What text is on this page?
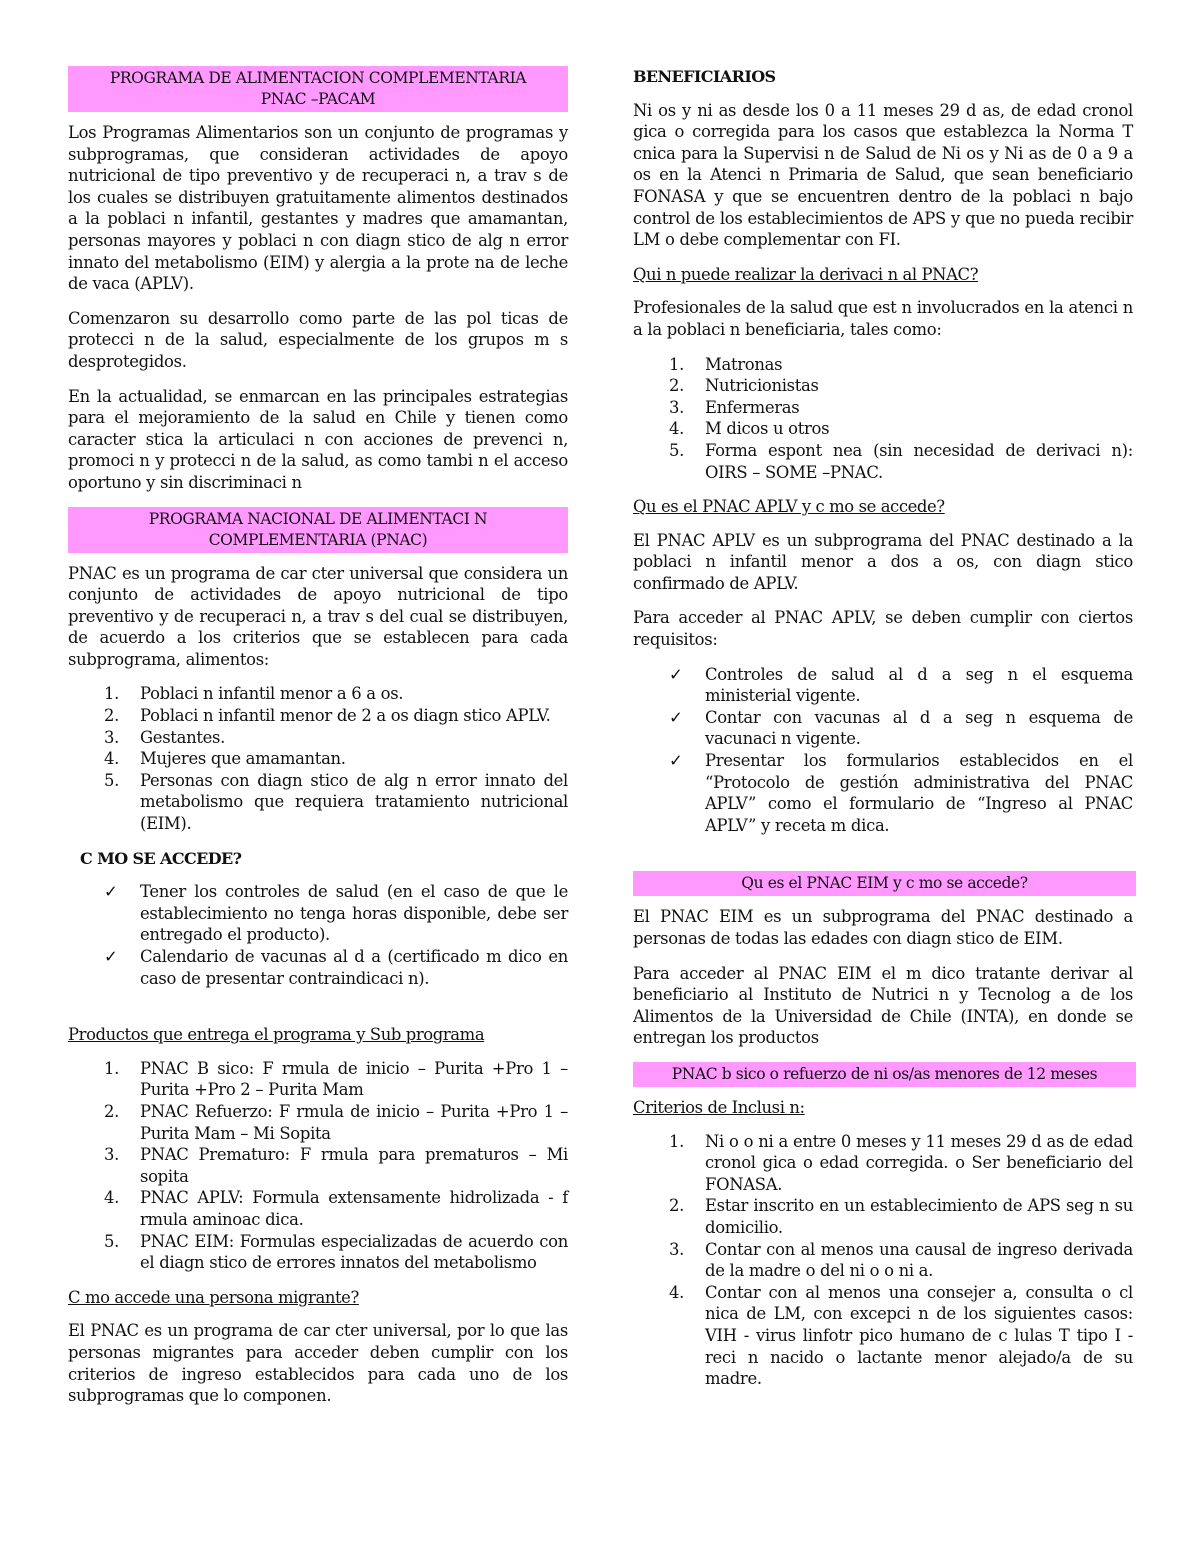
PROGRAMA DE ALIMENTACION COMPLEMENTARIA
PNAC –PACAM

Los Programas Alimentarios son un conjunto de programas y subprogramas, que consideran actividades de apoyo nutricional de tipo preventivo y de recuperaci n, a trav s de los cuales se distribuyen gratuitamente alimentos destinados a la poblaci n infantil, gestantes y madres que amamantan, personas mayores y poblaci n con diagn stico de alg n error innato del metabolismo (EIM) y alergia a la prote na de leche de vaca (APLV).

Comenzaron su desarrollo como parte de las pol ticas de protecci n de la salud, especialmente de los grupos m s desprotegidos.

En la actualidad, se enmarcan en las principales estrategias para el mejoramiento de la salud en Chile y tienen como caracter stica la articulaci n con acciones de prevenci n, promoci n y protecci n de la salud, as como tambi n el acceso oportuno y sin discriminaci n

PROGRAMA NACIONAL DE ALIMENTACI N
COMPLEMENTARIA (PNAC)

PNAC es un programa de car cter universal que considera un conjunto de actividades de apoyo nutricional de tipo preventivo y de recuperaci n, a trav s del cual se distribuyen, de acuerdo a los criterios que se establecen para cada subprograma, alimentos:

1. Poblaci n infantil menor a 6 a os.
2. Poblaci n infantil menor de 2 a os diagn stico APLV.
3. Gestantes.
4. Mujeres que amamantan.
5. Personas con diagn stico de alg n error innato del metabolismo que requiera tratamiento nutricional (EIM).

C MO SE ACCEDE?

✓ Tener los controles de salud (en el caso de que le establecimiento no tenga horas disponible, debe ser entregado el producto).
✓ Calendario de vacunas al d a (certificado m dico en caso de presentar contraindicaci n).

Productos que entrega el programa y Sub programa

1. PNAC B sico: F rmula de inicio – Purita +Pro 1 – Purita +Pro 2 – Purita Mam
2. PNAC Refuerzo: F rmula de inicio – Purita +Pro 1 – Purita Mam – Mi Sopita
3. PNAC Prematuro: F rmula para prematuros – Mi sopita
4. PNAC APLV: Formula extensamente hidrolizada - f rmula aminoac dica.
5. PNAC EIM: Formulas especializadas de acuerdo con el diagn stico de errores innatos del metabolismo

C mo accede una persona migrante?

El PNAC es un programa de car cter universal, por lo que las personas migrantes para acceder deben cumplir con los criterios de ingreso establecidos para cada uno de los subprogramas que lo componen.

BENEFICIARIOS

Ni os y ni as desde los 0 a 11 meses 29 d as, de edad cronol gica o corregida para los casos que establezca la Norma T cnica para la Supervisi n de Salud de Ni os y Ni as de 0 a 9 a os en la Atenci n Primaria de Salud, que sean beneficiario FONASA y que se encuentren dentro de la poblaci n bajo control de los establecimientos de APS y que no pueda recibir LM o debe complementar con FI.

Qui n puede realizar la derivaci n al PNAC?

Profesionales de la salud que est n involucrados en la atenci n a la poblaci n beneficiaria, tales como:

1. Matronas
2. Nutricionistas
3. Enfermeras
4. M dicos u otros
5. Forma espont nea (sin necesidad de derivaci n): OIRS – SOME –PNAC.

Qu es el PNAC APLV y c mo se accede?

El PNAC APLV es un subprograma del PNAC destinado a la poblaci n infantil menor a dos a os, con diagn stico confirmado de APLV.

Para acceder al PNAC APLV, se deben cumplir con ciertos requisitos:

✓ Controles de salud al d a seg n el esquema ministerial vigente.
✓ Contar con vacunas al d a seg n esquema de vacunaci n vigente.
✓ Presentar los formularios establecidos en el “Protocolo de gestión administrativa del PNAC APLV” como el formulario de “Ingreso al PNAC APLV” y receta m dica.
Qu es el PNAC EIM y c mo se accede?

El PNAC EIM es un subprograma del PNAC destinado a personas de todas las edades con diagn stico de EIM.

Para acceder al PNAC EIM el m dico tratante derivar al beneficiario al Instituto de Nutrici n y Tecnolog a de los Alimentos de la Universidad de Chile (INTA), en donde se entregan los productos

PNAC b sico o refuerzo de ni os/as menores de 12 meses

Criterios de Inclusi n:

1. Ni o o ni a entre 0 meses y 11 meses 29 d as de edad cronol gica o edad corregida. o Ser beneficiario del FONASA.
2. Estar inscrito en un establecimiento de APS seg n su domicilio.
3. Contar con al menos una causal de ingreso derivada de la madre o del ni o o ni a.
4. Contar con al menos una consejer a, consulta o cl nica de LM, con excepci n de los siguientes casos: VIH - virus linfotr pico humano de c lulas T tipo I - reci n nacido o lactante menor alejado/a de su madre.
